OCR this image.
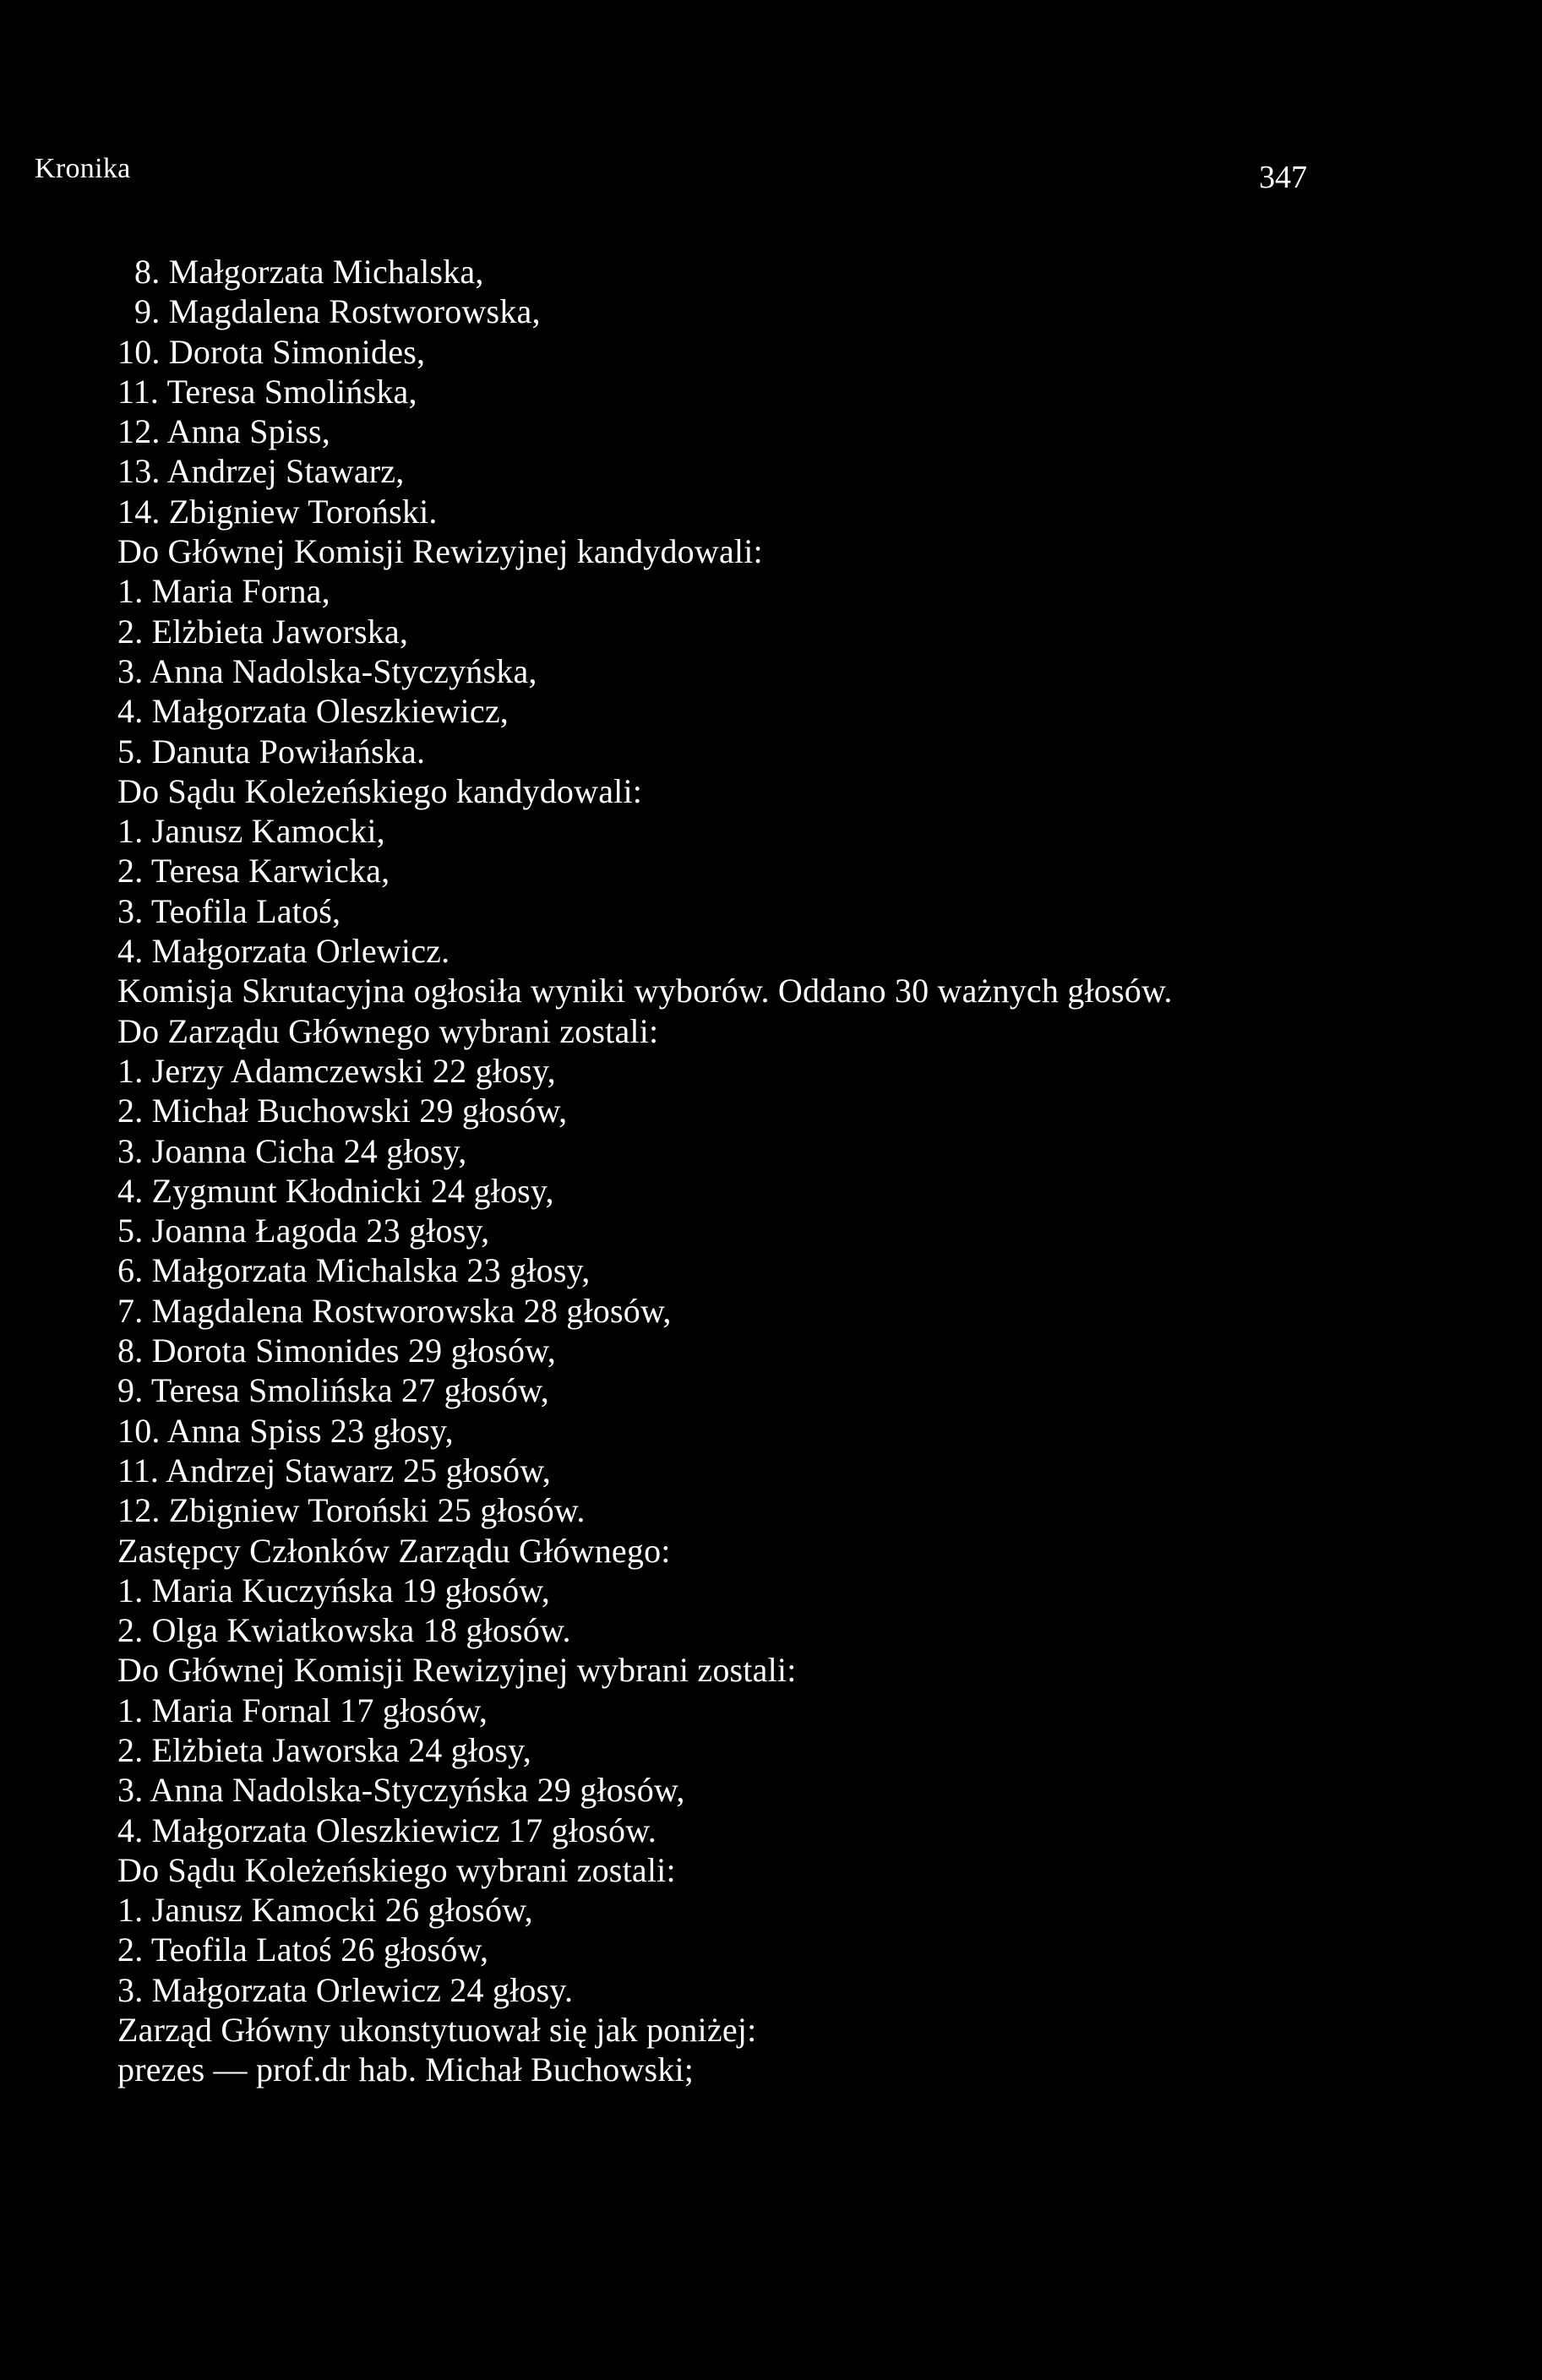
Kronika	347
8. Małgorzata Michalska,
9. Magdalena Rostworowska,
10. Dorota Simonides,
11. Teresa Smolińska,
12. Anna Spiss,
13. Andrzej Stawarz,
14. Zbigniew Toroński.
Do Głównej Komisji Rewizyjnej kandydowali:
1. Maria Forna,
2. Elżbieta Jaworska,
3. Anna Nadolska-Styczyńska,
4. Małgorzata Oleszkiewicz,
5. Danuta Powiłańska.
Do Sądu Koleżeńskiego kandydowali:
1. Janusz Kamocki,
2. Teresa Karwicka,
3. Teofila Latoś,
4. Małgorzata Orlewicz.
Komisja Skrutacyjna ogłosiła wyniki wyborów. Oddano 30 ważnych głosów.
Do Zarządu Głównego wybrani zostali:
1. Jerzy Adamczewski 22 głosy,
2. Michał Buchowski 29 głosów,
3. Joanna Cicha 24 głosy,
4. Zygmunt Kłodnicki 24 głosy,
5. Joanna Łagoda 23 głosy,
6. Małgorzata Michalska 23 głosy,
7. Magdalena Rostworowska 28 głosów,
8. Dorota Simonides 29 głosów,
9. Teresa Smolińska 27 głosów,
10. Anna Spiss 23 głosy,
11. Andrzej Stawarz 25 głosów,
12. Zbigniew Toroński 25 głosów.
Zastępcy Członków Zarządu Głównego:
1. Maria Kuczyńska 19 głosów,
2. Olga Kwiatkowska 18 głosów.
Do Głównej Komisji Rewizyjnej wybrani zostali:
1. Maria Fornal 17 głosów,
2. Elżbieta Jaworska 24 głosy,
3. Anna Nadolska-Styczyńska 29 głosów,
4. Małgorzata Oleszkiewicz 17 głosów.
Do Sądu Koleżeńskiego wybrani zostali:
1. Janusz Kamocki 26 głosów,
2. Teofila Latoś 26 głosów,
3. Małgorzata Orlewicz 24 głosy.
Zarząd Główny ukonstytuował się jak poniżej:
prezes — prof.dr hab. Michał Buchowski;
